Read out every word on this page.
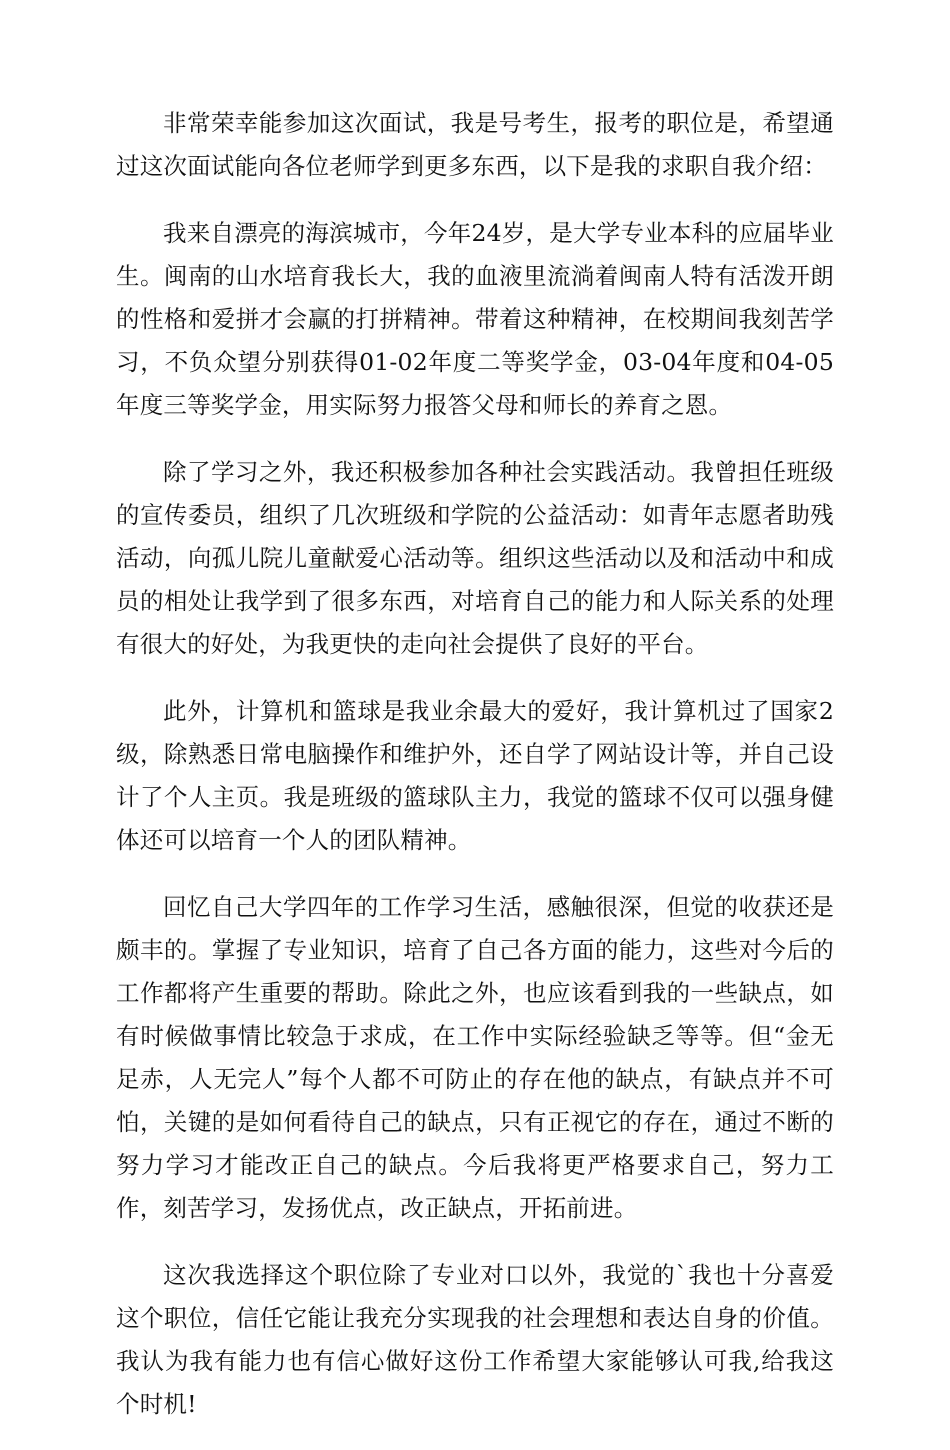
非常荣幸能参加这次面试，我是号考生，报考的职位是，希望通过这次面试能向各位老师学到更多东西，以下是我的求职自我介绍：

我来自漂亮的海滨城市，今年24岁，是大学专业本科的应届毕业生。闽南的山水培育我长大，我的血液里流淌着闽南人特有活泼开朗的性格和爱拼才会赢的打拼精神。带着这种精神，在校期间我刻苦学习，不负众望分别获得01-02年度二等奖学金，03-04年度和04-05年度三等奖学金，用实际努力报答父母和师长的养育之恩。

除了学习之外，我还积极参加各种社会实践活动。我曾担任班级的宣传委员，组织了几次班级和学院的公益活动：如青年志愿者助残活动，向孤儿院儿童献爱心活动等。组织这些活动以及和活动中和成员的相处让我学到了很多东西，对培育自己的能力和人际关系的处理有很大的好处，为我更快的走向社会提供了良好的平台。

此外，计算机和篮球是我业余最大的爱好，我计算机过了国家2级，除熟悉日常电脑操作和维护外，还自学了网站设计等，并自己设计了个人主页。我是班级的篮球队主力，我觉的篮球不仅可以强身健体还可以培育一个人的团队精神。

回忆自己大学四年的工作学习生活，感触很深，但觉的收获还是颇丰的。掌握了专业知识，培育了自己各方面的能力，这些对今后的工作都将产生重要的帮助。除此之外，也应该看到我的一些缺点，如有时候做事情比较急于求成，在工作中实际经验缺乏等等。但“金无足赤，人无完人”每个人都不可防止的存在他的缺点，有缺点并不可怕，关键的是如何看待自己的缺点，只有正视它的存在，通过不断的努力学习才能改正自己的缺点。今后我将更严格要求自己，努力工作，刻苦学习，发扬优点，改正缺点，开拓前进。

这次我选择这个职位除了专业对口以外，我觉的`我也十分喜爱这个职位，信任它能让我充分实现我的社会理想和表达自身的价值。我认为我有能力也有信心做好这份工作希望大家能够认可我,给我这个时机!
